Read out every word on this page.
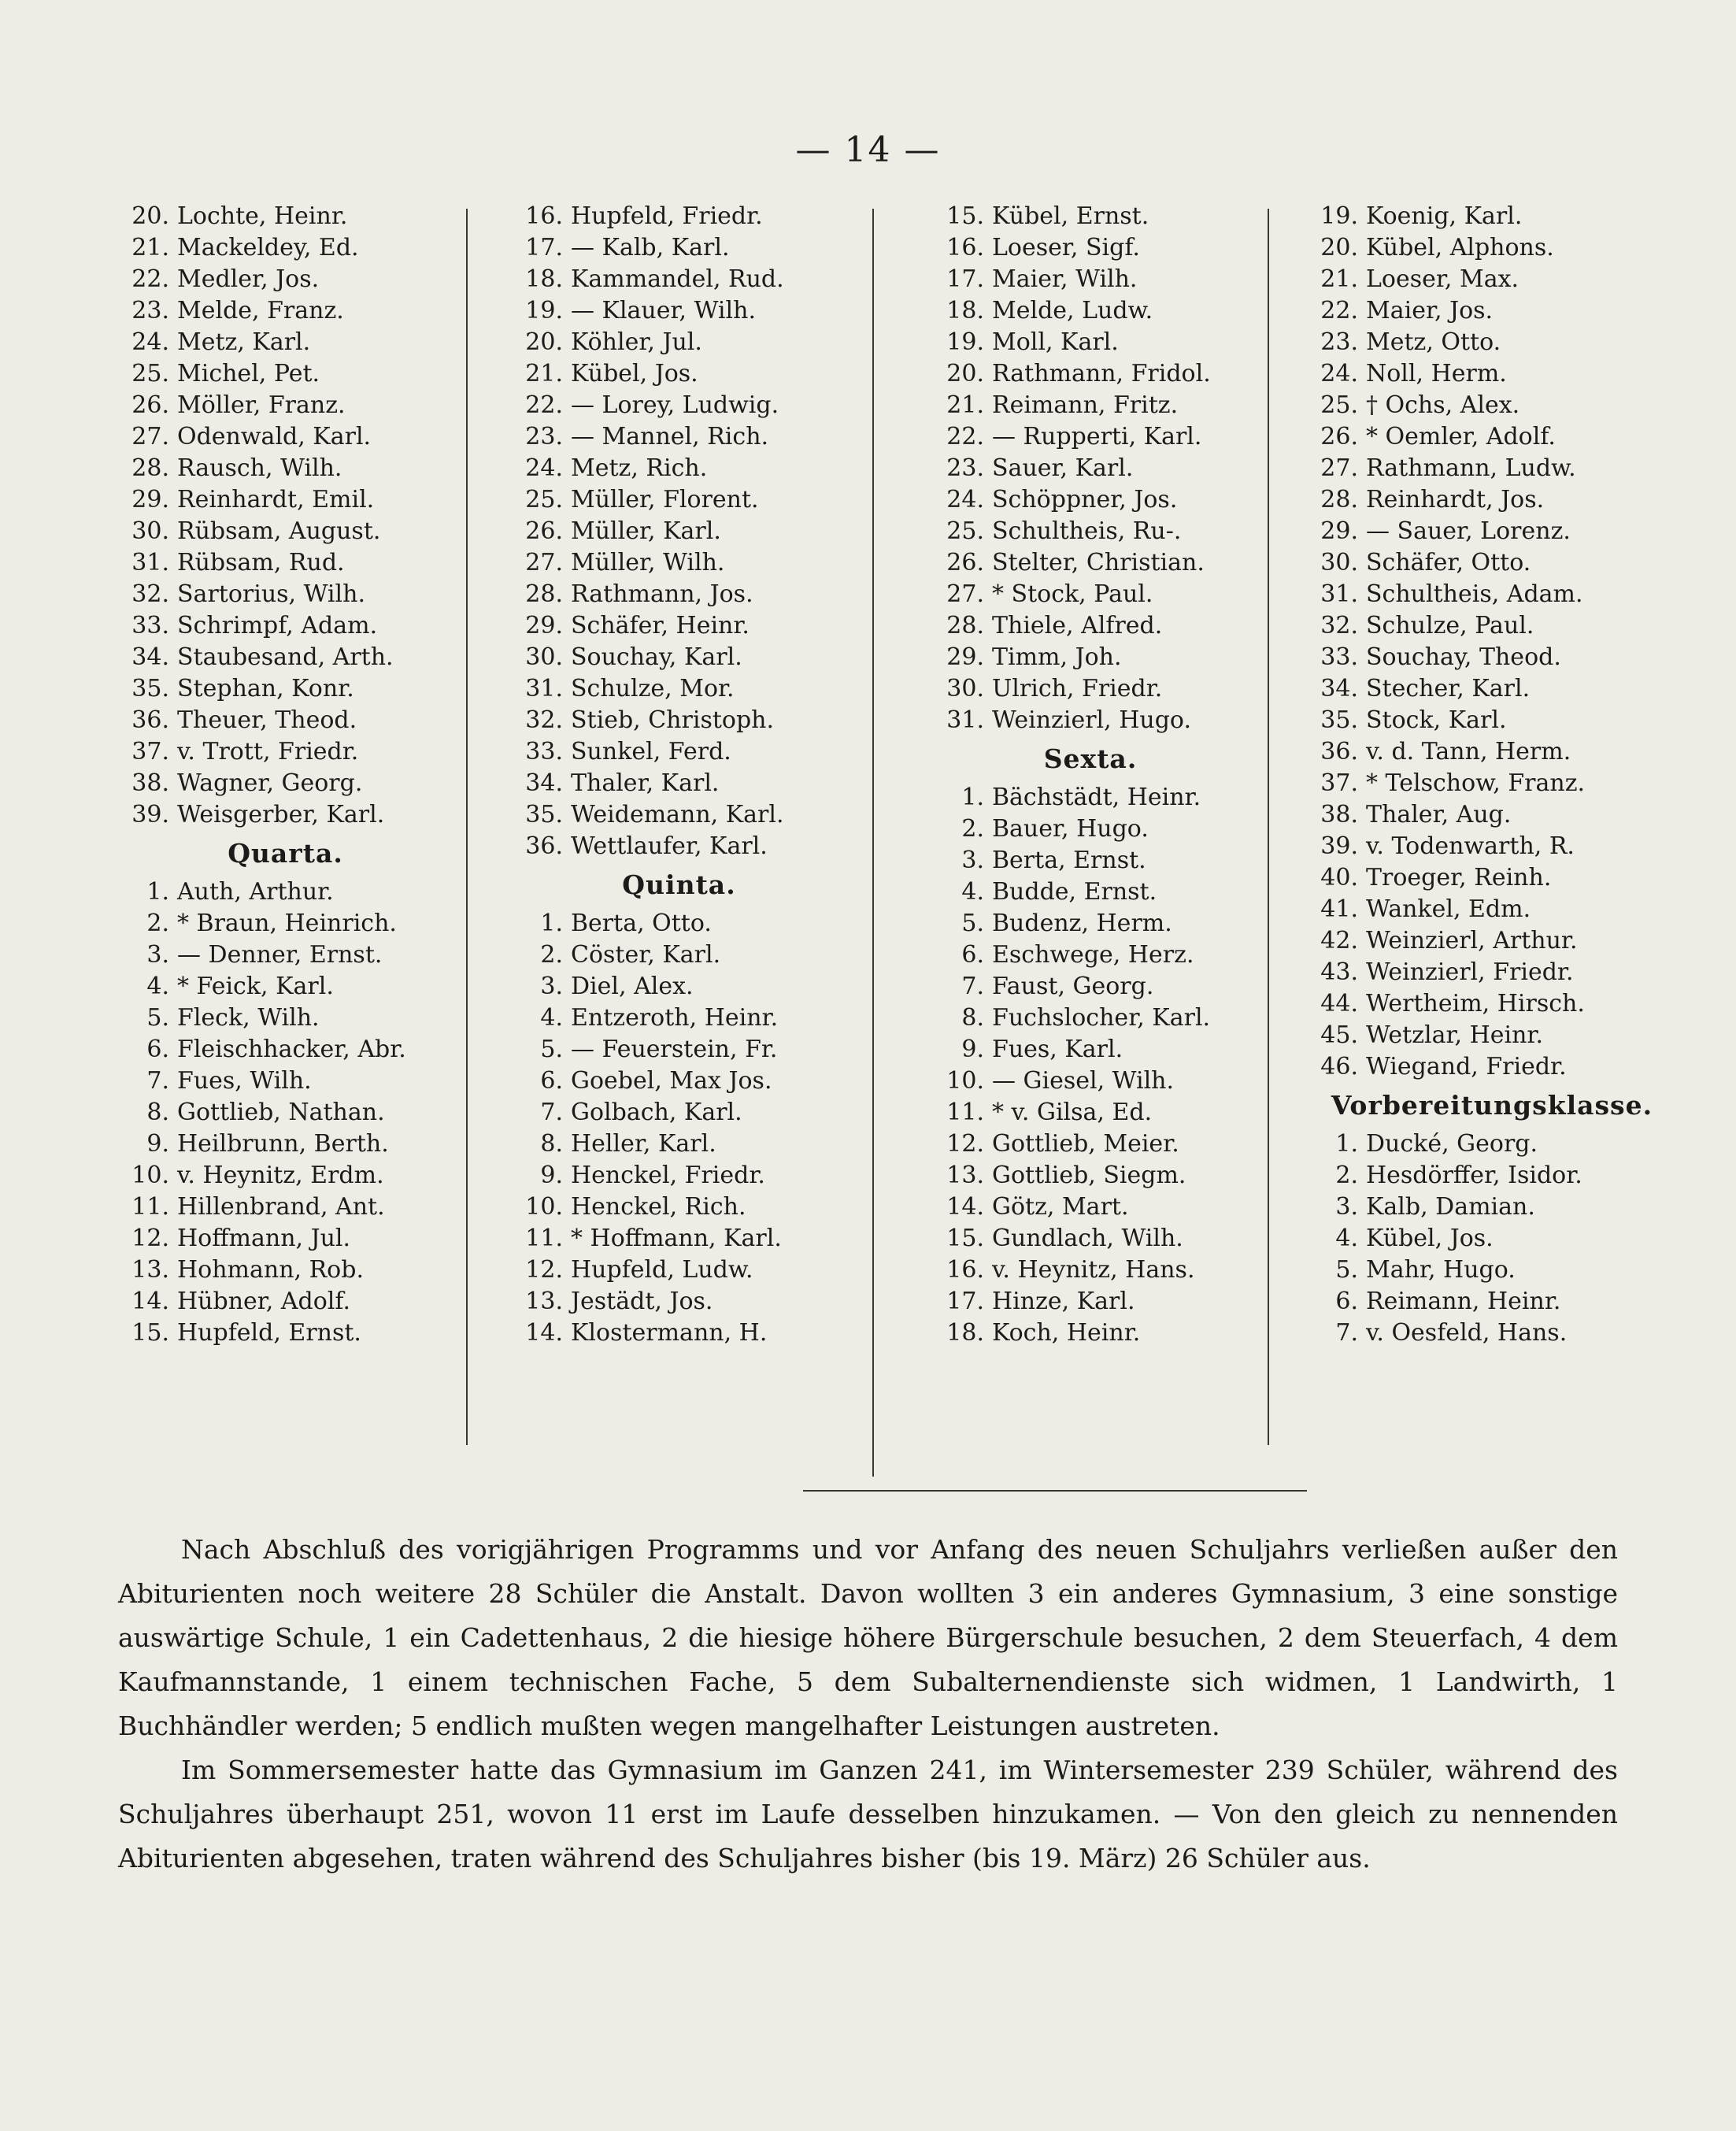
— 14 —
20. Lochte, Heinr.
21. Mackeldey, Ed.
22. Medler, Jos.
23. Melde, Franz.
24. Metz, Karl.
25. Michel, Pet.
26. Möller, Franz.
27. Odenwald, Karl.
28. Rausch, Wilh.
29. Reinhardt, Emil.
30. Rübsam, August.
31. Rübsam, Rud.
32. Sartorius, Wilh.
33. Schrimpf, Adam.
34. Staubesand, Arth.
35. Stephan, Konr.
36. Theuer, Theod.
37. v. Trott, Friedr.
38. Wagner, Georg.
39. Weisgerber, Karl.
Quarta.
1. Auth, Arthur.
2. * Braun, Heinrich.
3. — Denner, Ernst.
4. * Feick, Karl.
5. Fleck, Wilh.
6. Fleischhacker, Abr.
7. Fues, Wilh.
8. Gottlieb, Nathan.
9. Heilbrunn, Berth.
10. v. Heynitz, Erdm.
11. Hillenbrand, Ant.
12. Hoffmann, Jul.
13. Hohmann, Rob.
14. Hübner, Adolf.
15. Hupfeld, Ernst.
16. Hupfeld, Friedr.
17. — Kalb, Karl.
18. Kammandel, Rud.
19. — Klauer, Wilh.
20. Köhler, Jul.
21. Kübel, Jos.
22. — Lorey, Ludwig.
23. — Mannel, Rich.
24. Metz, Rich.
25. Müller, Florent.
26. Müller, Karl.
27. Müller, Wilh.
28. Rathmann, Jos.
29. Schäfer, Heinr.
30. Souchay, Karl.
31. Schulze, Mor.
32. Stieb, Christoph.
33. Sunkel, Ferd.
34. Thaler, Karl.
35. Weidemann, Karl.
36. Wettlaufer, Karl.
Quinta.
1. Berta, Otto.
2. Cöster, Karl.
3. Diel, Alex.
4. Entzeroth, Heinr.
5. — Feuerstein, Fr.
6. Goebel, Max Jos.
7. Golbach, Karl.
8. Heller, Karl.
9. Henckel, Friedr.
10. Henckel, Rich.
11. * Hoffmann, Karl.
12. Hupfeld, Ludw.
13. Jestädt, Jos.
14. Klostermann, H.
15. Kübel, Ernst.
16. Loeser, Sigf.
17. Maier, Wilh.
18. Melde, Ludw.
19. Moll, Karl.
20. Rathmann, Fridol.
21. Reimann, Fritz.
22. — Rupperti, Karl.
23. Sauer, Karl.
24. Schöppner, Jos.
25. Schultheis, Ru-.
26. Stelter, Christian.
27. * Stock, Paul.
28. Thiele, Alfred.
29. Timm, Joh.
30. Ulrich, Friedr.
31. Weinzierl, Hugo.
Sexta.
1. Bächstädt, Heinr.
2. Bauer, Hugo.
3. Berta, Ernst.
4. Budde, Ernst.
5. Budenz, Herm.
6. Eschwege, Herz.
7. Faust, Georg.
8. Fuchslocher, Karl.
9. Fues, Karl.
10. — Giesel, Wilh.
11. * v. Gilsa, Ed.
12. Gottlieb, Meier.
13. Gottlieb, Siegm.
14. Götz, Mart.
15. Gundlach, Wilh.
16. v. Heynitz, Hans.
17. Hinze, Karl.
18. Koch, Heinr.
19. Koenig, Karl.
20. Kübel, Alphons.
21. Loeser, Max.
22. Maier, Jos.
23. Metz, Otto.
24. Noll, Herm.
25. † Ochs, Alex.
26. * Oemler, Adolf.
27. Rathmann, Ludw.
28. Reinhardt, Jos.
29. — Sauer, Lorenz.
30. Schäfer, Otto.
31. Schultheis, Adam.
32. Schulze, Paul.
33. Souchay, Theod.
34. Stecher, Karl.
35. Stock, Karl.
36. v. d. Tann, Herm.
37. * Telschow, Franz.
38. Thaler, Aug.
39. v. Todenwarth, R.
40. Troeger, Reinh.
41. Wankel, Edm.
42. Weinzierl, Arthur.
43. Weinzierl, Friedr.
44. Wertheim, Hirsch.
45. Wetzlar, Heinr.
46. Wiegand, Friedr.
Vorbereitungsklasse.
1. Ducké, Georg.
2. Hesdörffer, Isidor.
3. Kalb, Damian.
4. Kübel, Jos.
5. Mahr, Hugo.
6. Reimann, Heinr.
7. v. Oesfeld, Hans.

Nach Abschluß des vorigjährigen Programms und vor Anfang des neuen Schuljahrs verließen außer den Abiturienten noch weitere 28 Schüler die Anstalt. Davon wollten 3 ein anderes Gymnasium, 3 eine sonstige auswärtige Schule, 1 ein Cadettenhaus, 2 die hiesige höhere Bürgerschule besuchen, 2 dem Steuerfach, 4 dem Kaufmannstande, 1 einem technischen Fache, 5 dem Subalternendienste sich widmen, 1 Landwirth, 1 Buchhändler werden; 5 endlich mußten wegen mangelhafter Leistungen austreten.

Im Sommersemester hatte das Gymnasium im Ganzen 241, im Wintersemester 239 Schüler, während des Schuljahres überhaupt 251, wovon 11 erst im Laufe desselben hinzukamen. — Von den gleich zu nennenden Abiturienten abgesehen, traten während des Schuljahres bisher (bis 19. März) 26 Schüler aus.
